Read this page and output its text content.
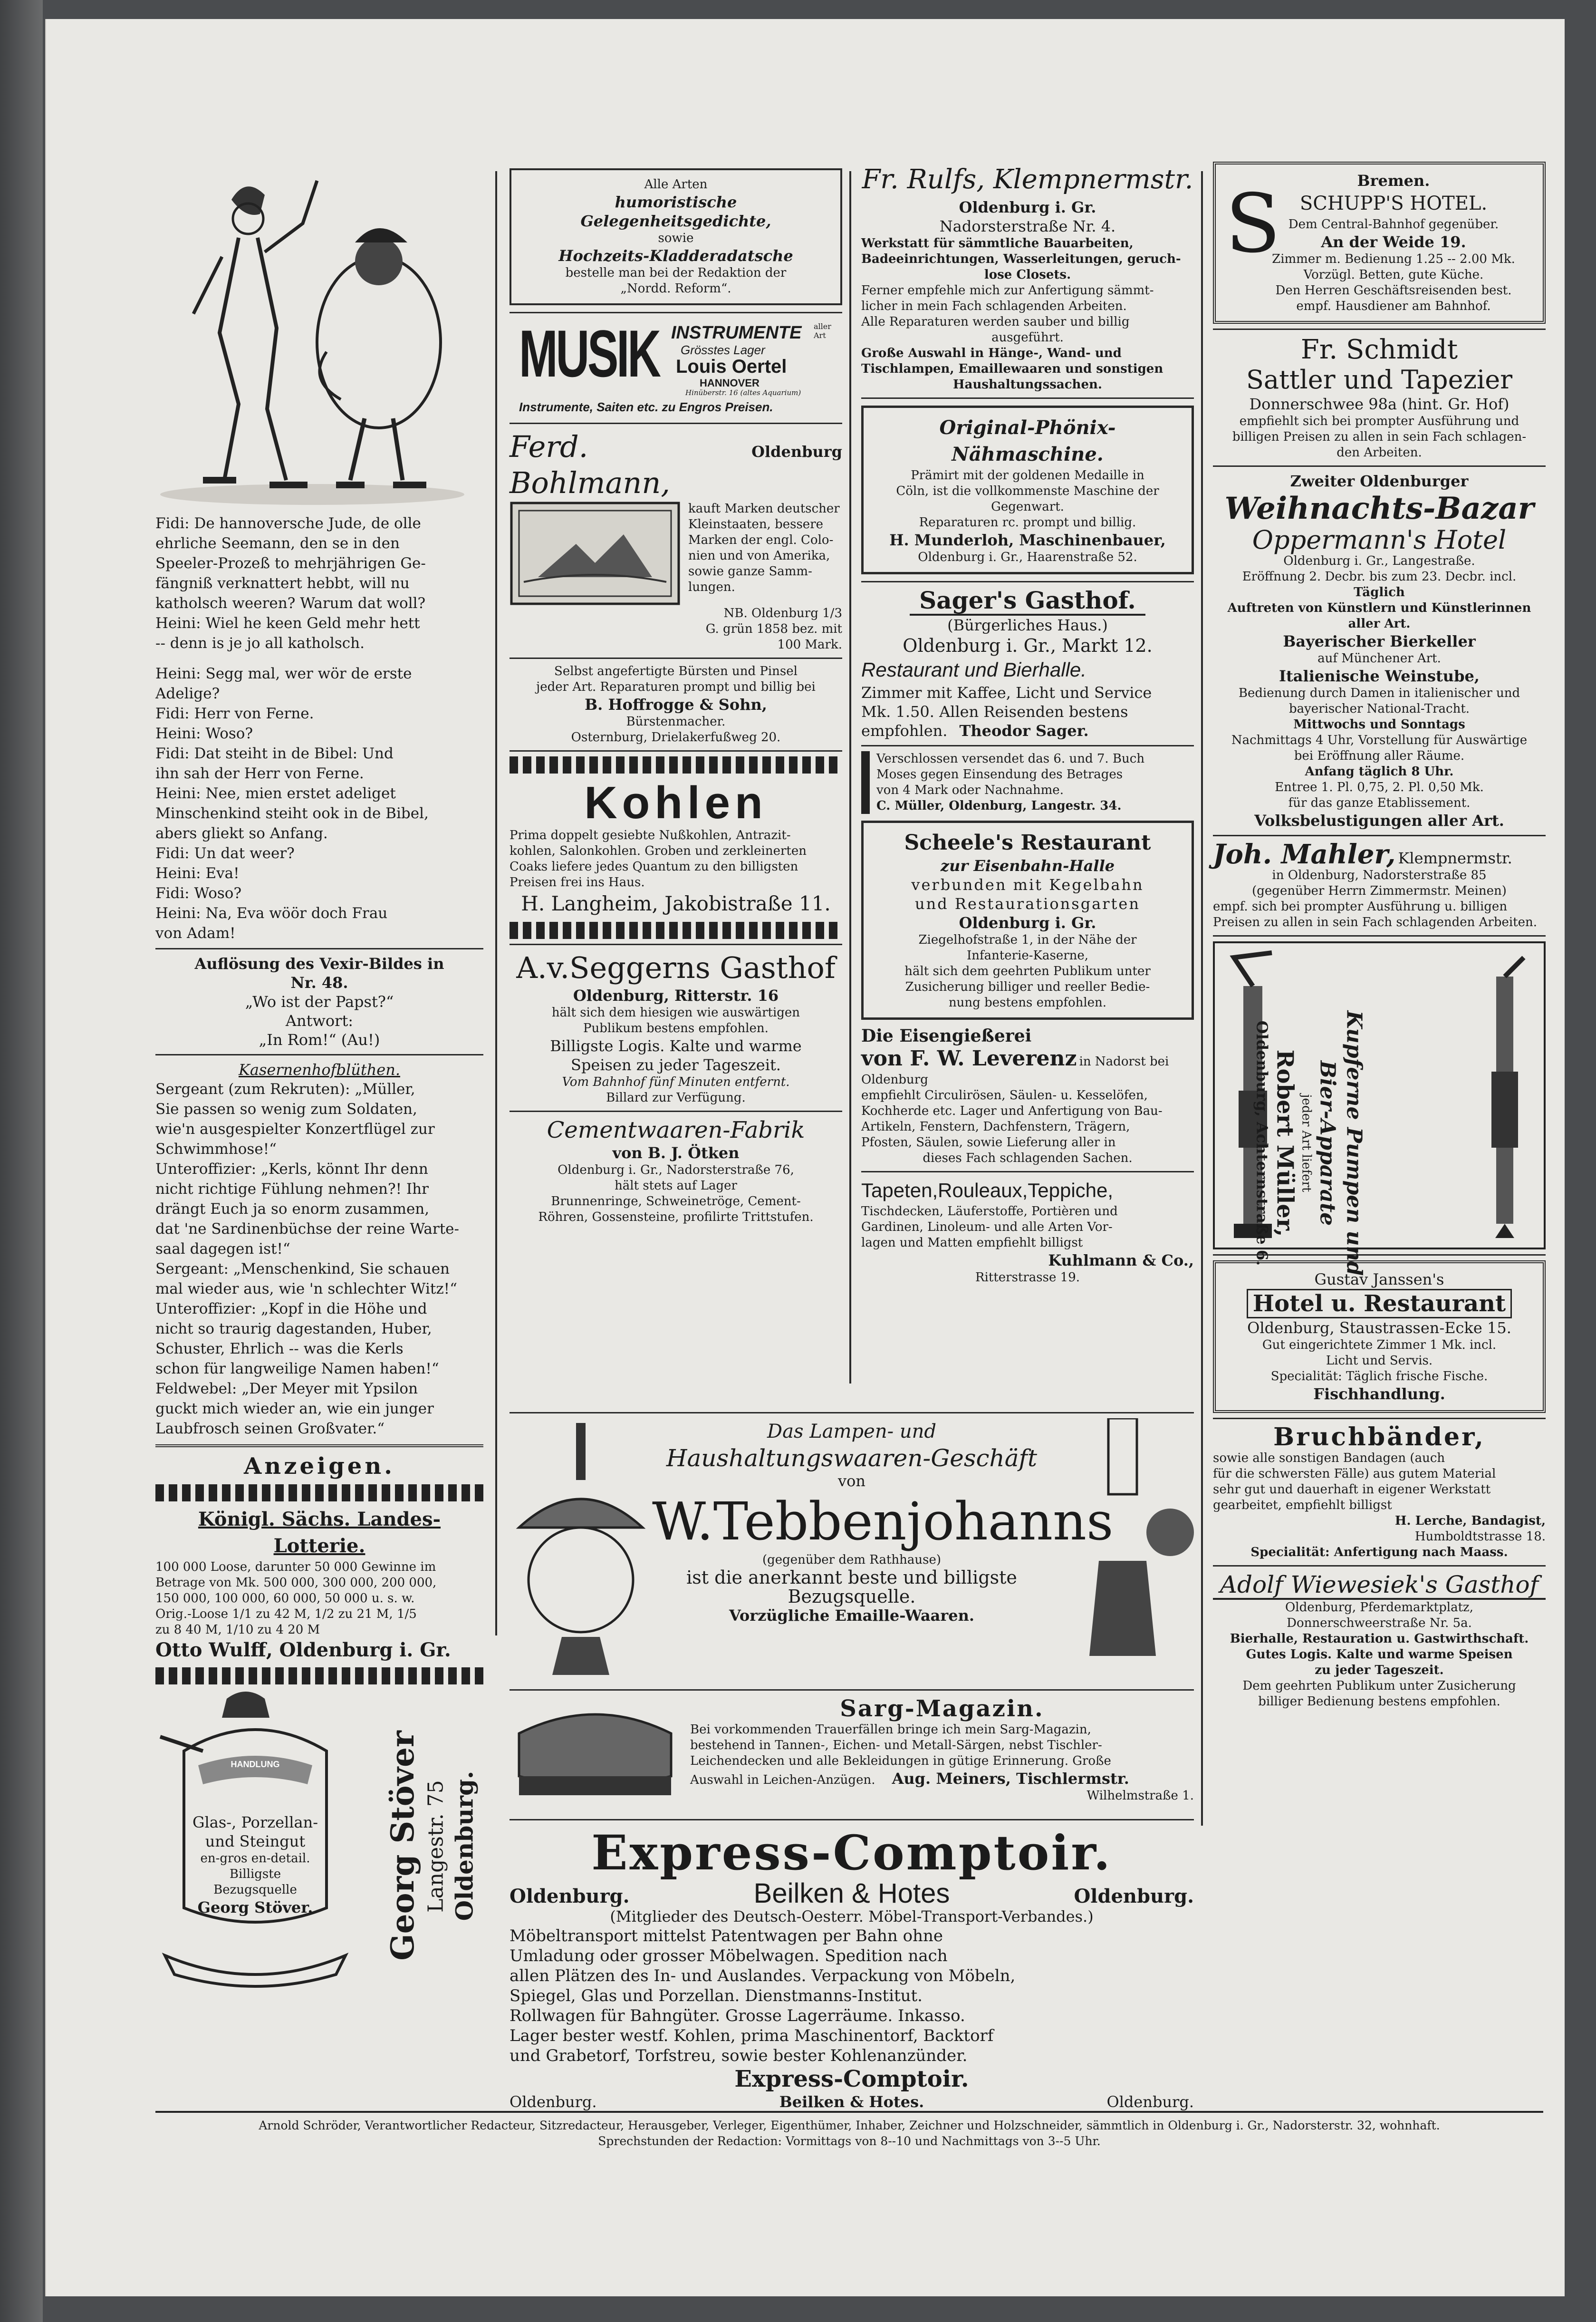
Fidi: De hannoversche Jude, de olle
ehrliche Seemann, den se in den
Speeler-Prozeß to mehrjährigen Ge-
fängniß verknattert hebbt, will nu
katholsch weeren? Warum dat woll?
Heini: Wiel he keen Geld mehr hett
-- denn is je jo all katholsch.
Heini: Segg mal, wer wör de erste
Adelige?
Fidi: Herr von Ferne.
Heini: Woso?
Fidi: Dat steiht in de Bibel: Und
ihn sah der Herr von Ferne.
Heini: Nee, mien erstet adeliget
Minschenkind steiht ook in de Bibel,
abers gliekt so Anfang.
Fidi: Un dat weer?
Heini: Eva!
Fidi: Woso?
Heini: Na, Eva wöör doch Frau
von Adam!
Auflösung des Vexir-Bildes in
Nr. 48.
„Wo ist der Papst?“
Antwort:
„In Rom!“ (Au!)
Kasernenhofblüthen.
Sergeant (zum Rekruten): „Müller,
Sie passen so wenig zum Soldaten,
wie'n ausgespielter Konzertflügel zur
Schwimmhose!“
Unteroffizier: „Kerls, könnt Ihr denn
nicht richtige Fühlung nehmen?! Ihr
drängt Euch ja so enorm zusammen,
dat 'ne Sardinenbüchse der reine Warte-
saal dagegen ist!“
Sergeant: „Menschenkind, Sie schauen
mal wieder aus, wie 'n schlechter Witz!“
Unteroffizier: „Kopf in die Höhe und
nicht so traurig dagestanden, Huber,
Schuster, Ehrlich -- was die Kerls
schon für langweilige Namen haben!“
Feldwebel: „Der Meyer mit Ypsilon
guckt mich wieder an, wie ein junger
Laubfrosch seinen Großvater.“
Anzeigen.
Königl. Sächs. Landes-Lotterie.
100 000 Loose, darunter 50 000 Gewinne im
Betrage von Mk. 500 000, 300 000, 200 000,
150 000, 100 000, 60 000, 50 000 u. s. w.
Orig.-Loose 1/1 zu 42 M, 1/2 zu 21 M, 1/5
zu 8 40 M, 1/10 zu 4 20 M
Otto Wulff, Oldenburg i. Gr.
HANDLUNG
Glas-, Porzellan-
und Steingut
en-gros en-detail.
Billigste Bezugsquelle
Georg Stöver. Georg Stöver Langestr. 75 Oldenburg.
Alle Arten
humoristische Gelegenheitsgedichte,
sowie
Hochzeits-Kladderadatsche
bestelle man bei der Redaktion der
„Nordd. Reform“.
MUSIK INSTRUMENTE aller Art
Grösstes Lager
Louis Oertel
HANNOVER
Hinüberstr. 16 (altes Aquarium)
Instrumente, Saiten etc. zu Engros Preisen.
Ferd. Bohlmann,
Oldenburg
kauft Marken deutscher
Kleinstaaten, bessere
Marken der engl. Colo-
nien und von Amerika,
sowie ganze Samm-
lungen.
NB. Oldenburg 1/3
G. grün 1858 bez. mit
100 Mark.
Selbst angefertigte Bürsten und Pinsel
jeder Art. Reparaturen prompt und billig bei
B. Hoffrogge & Sohn,
Bürstenmacher.
Osternburg, Drielakerfußweg 20.
Kohlen
Prima doppelt gesiebte Nußkohlen, Antrazit-
kohlen, Salonkohlen. Groben und zerkleinerten
Coaks liefere jedes Quantum zu den billigsten
Preisen frei ins Haus.
H. Langheim, Jakobistraße 11.
A.v.Seggerns Gasthof
Oldenburg, Ritterstr. 16
hält sich dem hiesigen wie auswärtigen
Publikum bestens empfohlen.
Billigste Logis. Kalte und warme
Speisen zu jeder Tageszeit.
Vom Bahnhof fünf Minuten entfernt.
Billard zur Verfügung.
Cementwaaren-Fabrik
von B. J. Ötken
Oldenburg i. Gr., Nadorsterstraße 76,
hält stets auf Lager
Brunnenringe, Schweinetröge, Cement-
Röhren, Gossensteine, profilirte Trittstufen.
Fr. Rulfs, Klempnermstr.
Oldenburg i. Gr.
Nadorsterstraße Nr. 4.
Werkstatt für sämmtliche Bauarbeiten,
Badeeinrichtungen, Wasserleitungen, geruch-
lose Closets.
Ferner empfehle mich zur Anfertigung sämmt-
licher in mein Fach schlagenden Arbeiten.
Alle Reparaturen werden sauber und billig
ausgeführt.
Große Auswahl in Hänge-, Wand- und
Tischlampen, Emaillewaaren und sonstigen
Haushaltungssachen.
Original-Phönix-Nähmaschine.
Prämirt mit der goldenen Medaille in
Cöln, ist die vollkommenste Maschine der
Gegenwart.
Reparaturen rc. prompt und billig.
H. Munderloh, Maschinenbauer,
Oldenburg i. Gr., Haarenstraße 52.
Sager's Gasthof.
(Bürgerliches Haus.)
Oldenburg i. Gr., Markt 12.
Restaurant und Bierhalle.
Zimmer mit Kaffee, Licht und Service
Mk. 1.50. Allen Reisenden bestens
empfohlen. Theodor Sager.
Verschlossen versendet das 6. und 7. Buch
Moses gegen Einsendung des Betrages
von 4 Mark oder Nachnahme.
C. Müller, Oldenburg, Langestr. 34.
Scheele's Restaurant
zur Eisenbahn-Halle
verbunden mit Kegelbahn
und Restaurationsgarten
Oldenburg i. Gr.
Ziegelhofstraße 1, in der Nähe der
Infanterie-Kaserne,
hält sich dem geehrten Publikum unter
Zusicherung billiger und reeller Bedie-
nung bestens empfohlen.
Die Eisengießerei
von F. W. Leverenz in Nadorst bei Oldenburg
empfiehlt Circulirösen, Säulen- u. Kesselöfen,
Kochherde etc. Lager und Anfertigung von Bau-
Artikeln, Fenstern, Dachfenstern, Trägern,
Pfosten, Säulen, sowie Lieferung aller in
dieses Fach schlagenden Sachen.
Tapeten,Rouleaux,Teppiche,
Tischdecken, Läuferstoffe, Portièren und
Gardinen, Linoleum- und alle Arten Vor-
lagen und Matten empfiehlt billigst
Kuhlmann & Co.,
Ritterstrasse 19.
S	Bremen.
SCHUPP'S HOTEL.
Dem Central-Bahnhof gegenüber.
An der Weide 19.
Zimmer m. Bedienung 1.25 -- 2.00 Mk.
Vorzügl. Betten, gute Küche.
Den Herren Geschäftsreisenden best.
empf. Hausdiener am Bahnhof.
Fr. Schmidt
Sattler und Tapezier
Donnerschwee 98a (hint. Gr. Hof)
empfiehlt sich bei prompter Ausführung und
billigen Preisen zu allen in sein Fach schlagen-
den Arbeiten.
Zweiter Oldenburger
Weihnachts-Bazar
Oppermann's Hotel
Oldenburg i. Gr., Langestraße.
Eröffnung 2. Decbr. bis zum 23. Decbr. incl.
Täglich
Auftreten von Künstlern und Künstlerinnen
aller Art.
Bayerischer Bierkeller
auf Münchener Art.
Italienische Weinstube,
Bedienung durch Damen in italienischer und
bayerischer National-Tracht.
Mittwochs und Sonntags
Nachmittags 4 Uhr, Vorstellung für Auswärtige
bei Eröffnung aller Räume.
Anfang täglich 8 Uhr.
Entree 1. Pl. 0,75, 2. Pl. 0,50 Mk.
für das ganze Etablissement.
Volksbelustigungen aller Art.
Joh. Mahler, Klempnermstr.
in Oldenburg, Nadorsterstraße 85
(gegenüber Herrn Zimmermstr. Meinen)
empf. sich bei prompter Ausführung u. billigen
Preisen zu allen in sein Fach schlagenden Arbeiten.
Kupferne Pumpen und
Bier-Apparate
jeder Art liefert
Robert Müller,
Oldenburg, Achternstraße 6.
Gustav Janssen's
Hotel u. Restaurant
Oldenburg, Staustrassen-Ecke 15.
Gut eingerichtete Zimmer 1 Mk. incl.
Licht und Servis.
Specialität: Täglich frische Fische.
Fischhandlung.
Bruchbänder,
sowie alle sonstigen Bandagen (auch
für die schwersten Fälle) aus gutem Material
sehr gut und dauerhaft in eigener Werkstatt
gearbeitet, empfiehlt billigst
H. Lerche, Bandagist,
Humboldtstrasse 18.
Specialität: Anfertigung nach Maass.
Adolf Wiewesiek's Gasthof
Oldenburg, Pferdemarktplatz,
Donnerschweerstraße Nr. 5a.
Bierhalle, Restauration u. Gastwirthschaft.
Gutes Logis. Kalte und warme Speisen
zu jeder Tageszeit.
Dem geehrten Publikum unter Zusicherung
billiger Bedienung bestens empfohlen.
Das Lampen- und
Haushaltungswaaren-Geschäft
von
W.Tebbenjohanns
(gegenüber dem Rathhause)
ist die anerkannt beste und billigste
Bezugsquelle.
Vorzügliche Emaille-Waaren.
Sarg-Magazin.
Bei vorkommenden Trauerfällen bringe ich mein Sarg-Magazin,
bestehend in Tannen-, Eichen- und Metall-Särgen, nebst Tischler-
Leichendecken und alle Bekleidungen in gütige Erinnerung. Große
Auswahl in Leichen-Anzügen. Aug. Meiners, Tischlermstr.
Wilhelmstraße 1.
Express-Comptoir.
Oldenburg.	Beilken & Hotes	Oldenburg.
(Mitglieder des Deutsch-Oesterr. Möbel-Transport-Verbandes.)
Möbeltransport mittelst Patentwagen per Bahn ohne
Umladung oder grosser Möbelwagen. Spedition nach
allen Plätzen des In- und Auslandes. Verpackung von Möbeln,
Spiegel, Glas und Porzellan. Dienstmanns-Institut.
Rollwagen für Bahngüter. Grosse Lagerräume. Inkasso.
Lager bester westf. Kohlen, prima Maschinentorf, Backtorf
und Grabetorf, Torfstreu, sowie bester Kohlenanzünder.
Express-Comptoir.
Oldenburg.	Beilken & Hotes.	Oldenburg.
Arnold Schröder, Verantwortlicher Redacteur, Sitzredacteur, Herausgeber, Verleger, Eigenthümer, Inhaber, Zeichner und Holzschneider, sämmtlich in Oldenburg i. Gr., Nadorsterstr. 32, wohnhaft.
Sprechstunden der Redaction: Vormittags von 8--10 und Nachmittags von 3--5 Uhr.
